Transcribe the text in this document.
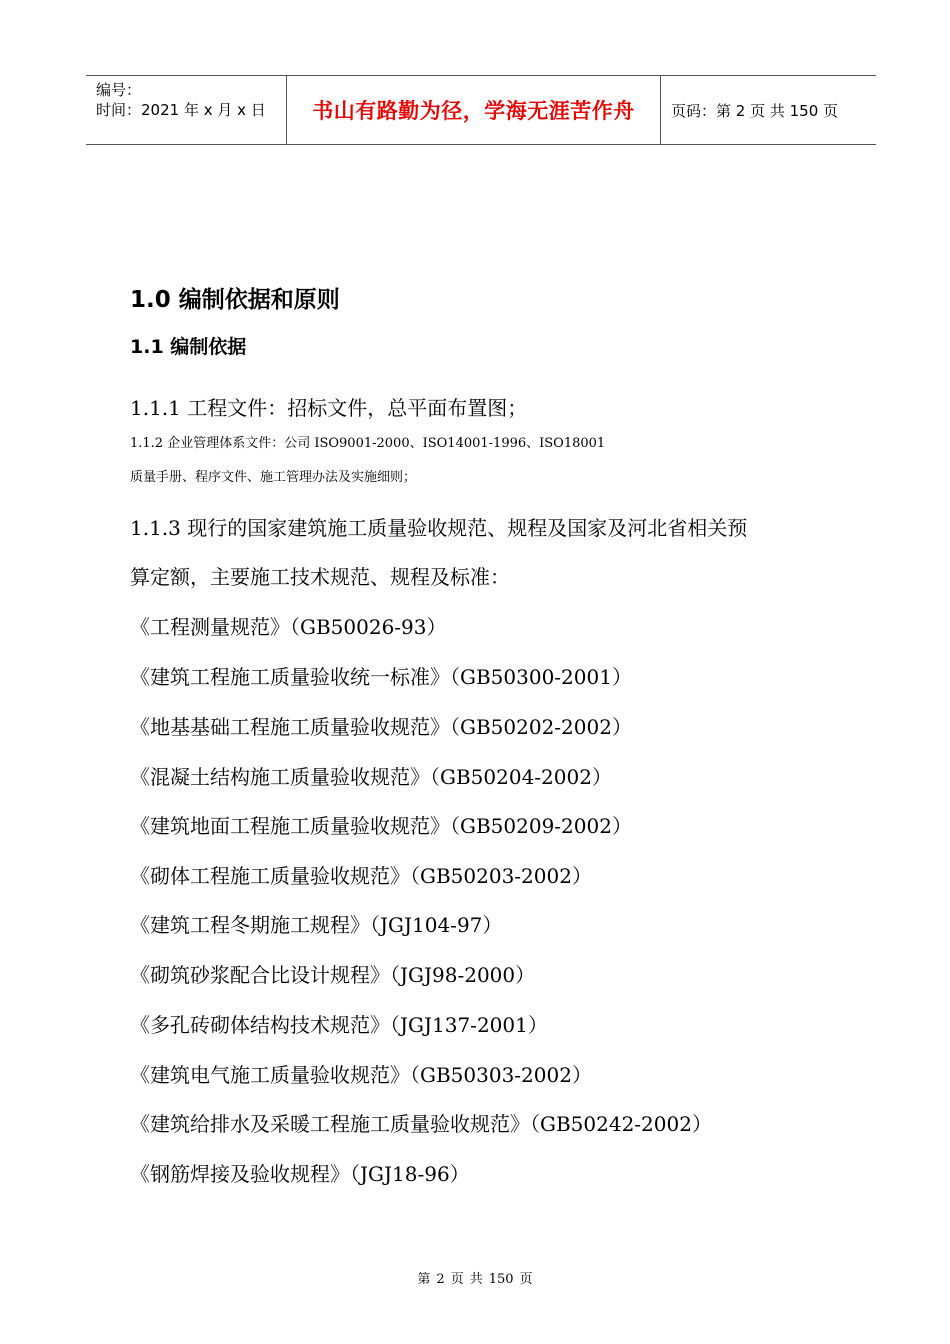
编号：
时间：2021 年 x 月 x 日	书山有路勤为径，学海无涯苦作舟	页码：第 2 页 共 150 页
1.0 编制依据和原则
1.1 编制依据
1.1.1 工程文件：招标文件，总平面布置图；
1.1.2 企业管理体系文件：公司 ISO9001-2000、ISO14001-1996、ISO18001
质量手册、程序文件、施工管理办法及实施细则；
1.1.3 现行的国家建筑施工质量验收规范、规程及国家及河北省相关预
算定额，主要施工技术规范、规程及标准：
《工程测量规范》（GB50026-93）
《建筑工程施工质量验收统一标准》（GB50300-2001）
《地基基础工程施工质量验收规范》（GB50202-2002）
《混凝土结构施工质量验收规范》（GB50204-2002）
《建筑地面工程施工质量验收规范》（GB50209-2002）
《砌体工程施工质量验收规范》（GB50203-2002）
《建筑工程冬期施工规程》（JGJ104-97）
《砌筑砂浆配合比设计规程》（JGJ98-2000）
《多孔砖砌体结构技术规范》（JGJ137-2001）
《建筑电气施工质量验收规范》（GB50303-2002）
《建筑给排水及采暖工程施工质量验收规范》（GB50242-2002）
《钢筋焊接及验收规程》（JGJ18-96）
第 2 页 共 150 页
